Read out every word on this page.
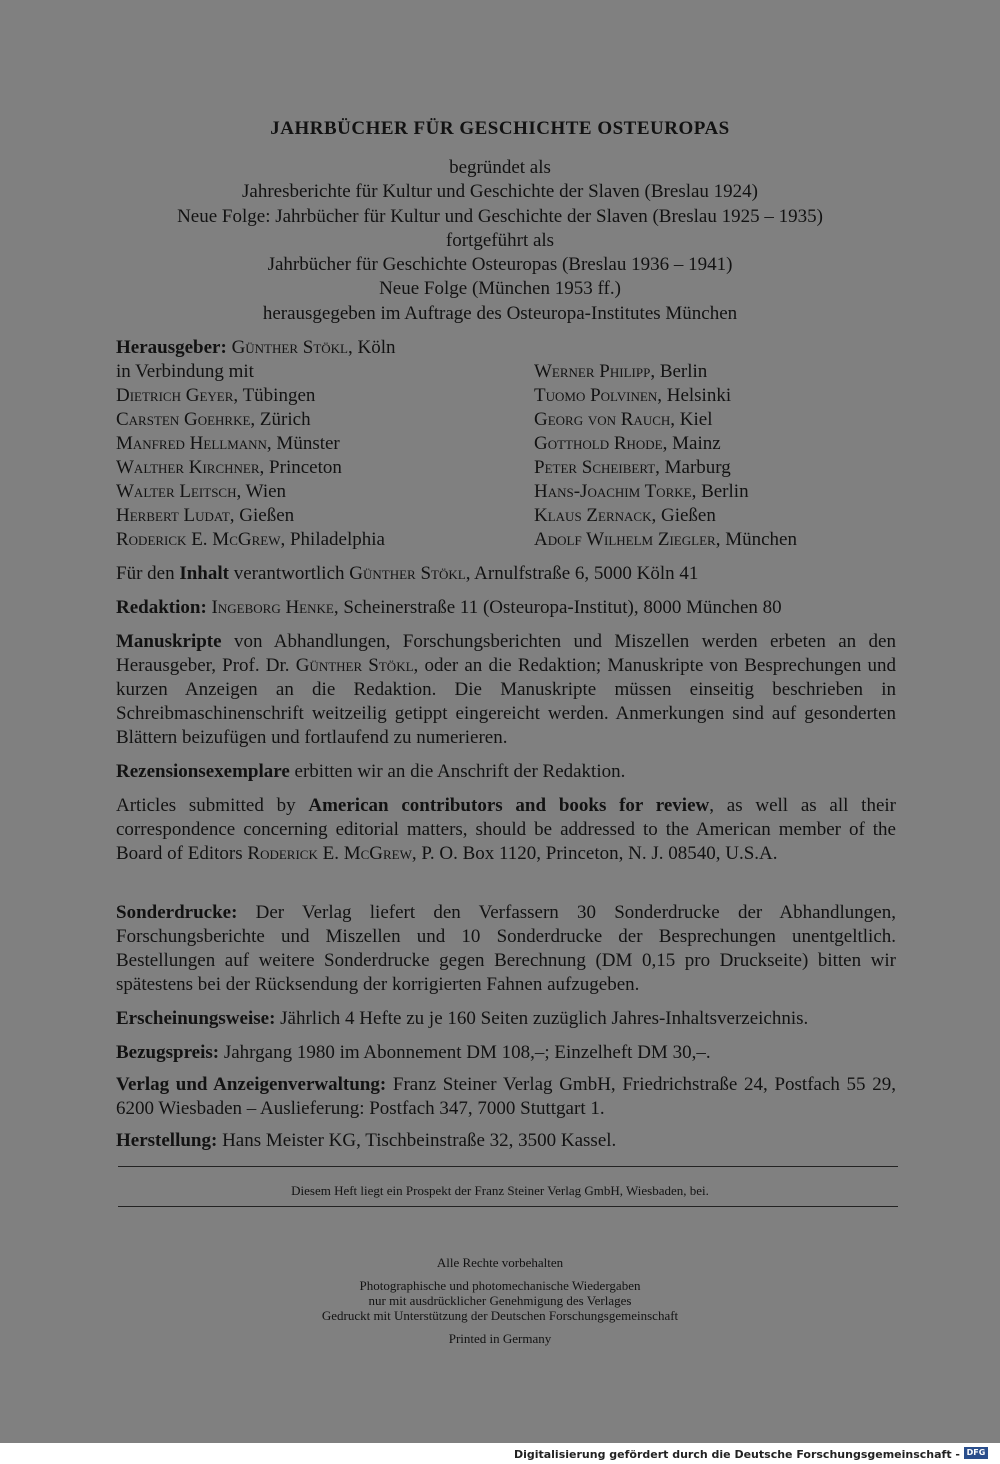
JAHRBÜCHER FÜR GESCHICHTE OSTEUROPAS
begründet als
Jahresberichte für Kultur und Geschichte der Slaven (Breslau 1924)
Neue Folge: Jahrbücher für Kultur und Geschichte der Slaven (Breslau 1925 – 1935)
fortgeführt als
Jahrbücher für Geschichte Osteuropas (Breslau 1936 – 1941)
Neue Folge (München 1953 ff.)
herausgegeben im Auftrage des Osteuropa-Institutes München
Herausgeber: Günther Stökl, Köln
in Verbindung mit
Dietrich Geyer, Tübingen
Carsten Goehrke, Zürich
Manfred Hellmann, Münster
Walther Kirchner, Princeton
Walter Leitsch, Wien
Herbert Ludat, Gießen
Roderick E. McGrew, Philadelphia
Werner Philipp, Berlin
Tuomo Polvinen, Helsinki
Georg von Rauch, Kiel
Gotthold Rhode, Mainz
Peter Scheibert, Marburg
Hans-Joachim Torke, Berlin
Klaus Zernack, Gießen
Adolf Wilhelm Ziegler, München
Für den Inhalt verantwortlich Günther Stökl, Arnulfstraße 6, 5000 Köln 41
Redaktion: Ingeborg Henke, Scheinerstraße 11 (Osteuropa-Institut), 8000 München 80
Manuskripte von Abhandlungen, Forschungsberichten und Miszellen werden erbeten an den Herausgeber, Prof. Dr. Günther Stökl, oder an die Redaktion; Manuskripte von Besprechungen und kurzen Anzeigen an die Redaktion. Die Manuskripte müssen einseitig beschrieben in Schreibmaschinenschrift weitzeilig getippt eingereicht werden. Anmerkungen sind auf gesonderten Blättern beizufügen und fortlaufend zu numerieren.
Rezensionsexemplare erbitten wir an die Anschrift der Redaktion.
Articles submitted by American contributors and books for review, as well as all their correspondence concerning editorial matters, should be addressed to the American member of the Board of Editors Roderick E. McGrew, P. O. Box 1120, Princeton, N. J. 08540, U.S.A.
Sonderdrucke: Der Verlag liefert den Verfassern 30 Sonderdrucke der Abhandlungen, Forschungsberichte und Miszellen und 10 Sonderdrucke der Besprechungen unentgeltlich. Bestellungen auf weitere Sonderdrucke gegen Berechnung (DM 0,15 pro Druckseite) bitten wir spätestens bei der Rücksendung der korrigierten Fahnen aufzugeben.
Erscheinungsweise: Jährlich 4 Hefte zu je 160 Seiten zuzüglich Jahres-Inhaltsverzeichnis.
Bezugspreis: Jahrgang 1980 im Abonnement DM 108,–; Einzelheft DM 30,–.
Verlag und Anzeigenverwaltung: Franz Steiner Verlag GmbH, Friedrichstraße 24, Postfach 55 29, 6200 Wiesbaden – Auslieferung: Postfach 347, 7000 Stuttgart 1.
Herstellung: Hans Meister KG, Tischbeinstraße 32, 3500 Kassel.
Diesem Heft liegt ein Prospekt der Franz Steiner Verlag GmbH, Wiesbaden, bei.
Alle Rechte vorbehalten
Photographische und photomechanische Wiedergaben
nur mit ausdrücklicher Genehmigung des Verlages
Gedruckt mit Unterstützung der Deutschen Forschungsgemeinschaft
Printed in Germany
Digitalisierung gefördert durch die Deutsche Forschungsgemeinschaft - DFG
